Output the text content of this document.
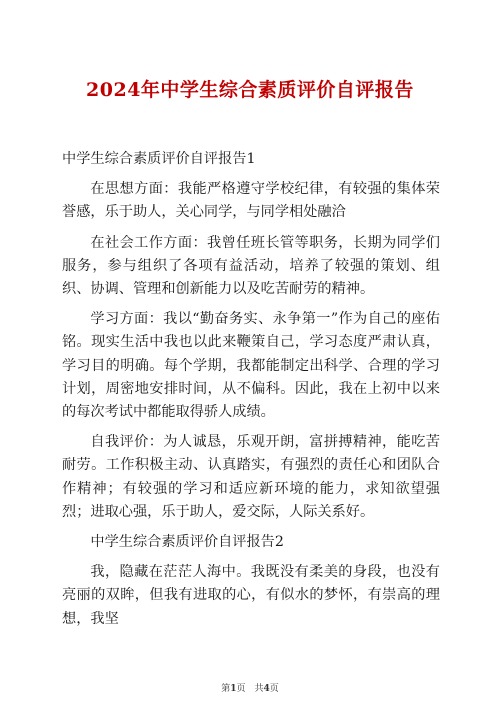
2024年中学生综合素质评价自评报告

中学生综合素质评价自评报告1

在思想方面：我能严格遵守学校纪律，有较强的集体荣誉感，乐于助人，关心同学，与同学相处融洽

在社会工作方面：我曾任班长管等职务，长期为同学们服务，参与组织了各项有益活动，培养了较强的策划、组织、协调、管理和创新能力以及吃苦耐劳的精神。

学习方面：我以“勤奋务实、永争第一”作为自己的座佑铭。现实生活中我也以此来鞭策自己，学习态度严肃认真，学习目的明确。每个学期，我都能制定出科学、合理的学习计划，周密地安排时间，从不偏科。因此，我在上初中以来的每次考试中都能取得骄人成绩。

自我评价：为人诚恳，乐观开朗，富拼搏精神，能吃苦耐劳。工作积极主动、认真踏实，有强烈的责任心和团队合作精神；有较强的学习和适应新环境的能力，求知欲望强烈；进取心强，乐于助人，爱交际，人际关系好。

中学生综合素质评价自评报告2

我，隐藏在茫茫人海中。我既没有柔美的身段，也没有亮丽的双眸，但我有进取的心，有似水的梦怀，有崇高的理想，我坚

第1页　共4页
